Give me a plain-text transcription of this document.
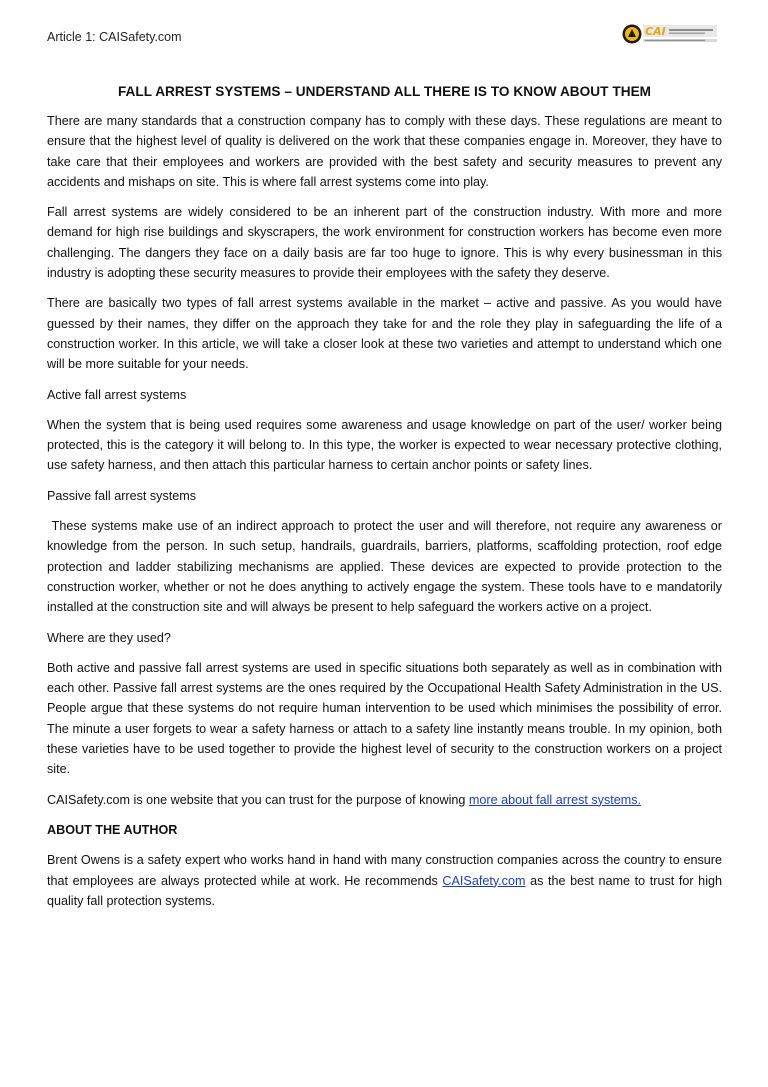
Article 1: CAISafety.com	CAI
FALL ARREST SYSTEMS – UNDERSTAND ALL THERE IS TO KNOW ABOUT THEM

There are many standards that a construction company has to comply with these days. These regulations are meant to ensure that the highest level of quality is delivered on the work that these companies engage in. Moreover, they have to take care that their employees and workers are provided with the best safety and security measures to prevent any accidents and mishaps on site. This is where fall arrest systems come into play.

Fall arrest systems are widely considered to be an inherent part of the construction industry. With more and more demand for high rise buildings and skyscrapers, the work environment for construction workers has become even more challenging. The dangers they face on a daily basis are far too huge to ignore. This is why every businessman in this industry is adopting these security measures to provide their employees with the safety they deserve.

There are basically two types of fall arrest systems available in the market – active and passive. As you would have guessed by their names, they differ on the approach they take for and the role they play in safeguarding the life of a construction worker. In this article, we will take a closer look at these two varieties and attempt to understand which one will be more suitable for your needs.

Active fall arrest systems

When the system that is being used requires some awareness and usage knowledge on part of the user/ worker being protected, this is the category it will belong to. In this type, the worker is expected to wear necessary protective clothing, use safety harness, and then attach this particular harness to certain anchor points or safety lines.

Passive fall arrest systems

These systems make use of an indirect approach to protect the user and will therefore, not require any awareness or knowledge from the person. In such setup, handrails, guardrails, barriers, platforms, scaffolding protection, roof edge protection and ladder stabilizing mechanisms are applied. These devices are expected to provide protection to the construction worker, whether or not he does anything to actively engage the system. These tools have to e mandatorily installed at the construction site and will always be present to help safeguard the workers active on a project.

Where are they used?

Both active and passive fall arrest systems are used in specific situations both separately as well as in combination with each other. Passive fall arrest systems are the ones required by the Occupational Health Safety Administration in the US. People argue that these systems do not require human intervention to be used which minimises the possibility of error. The minute a user forgets to wear a safety harness or attach to a safety line instantly means trouble. In my opinion, both these varieties have to be used together to provide the highest level of security to the construction workers on a project site.

CAISafety.com is one website that you can trust for the purpose of knowing more about fall arrest systems.

ABOUT THE AUTHOR

Brent Owens is a safety expert who works hand in hand with many construction companies across the country to ensure that employees are always protected while at work. He recommends CAISafety.com as the best name to trust for high quality fall protection systems.
